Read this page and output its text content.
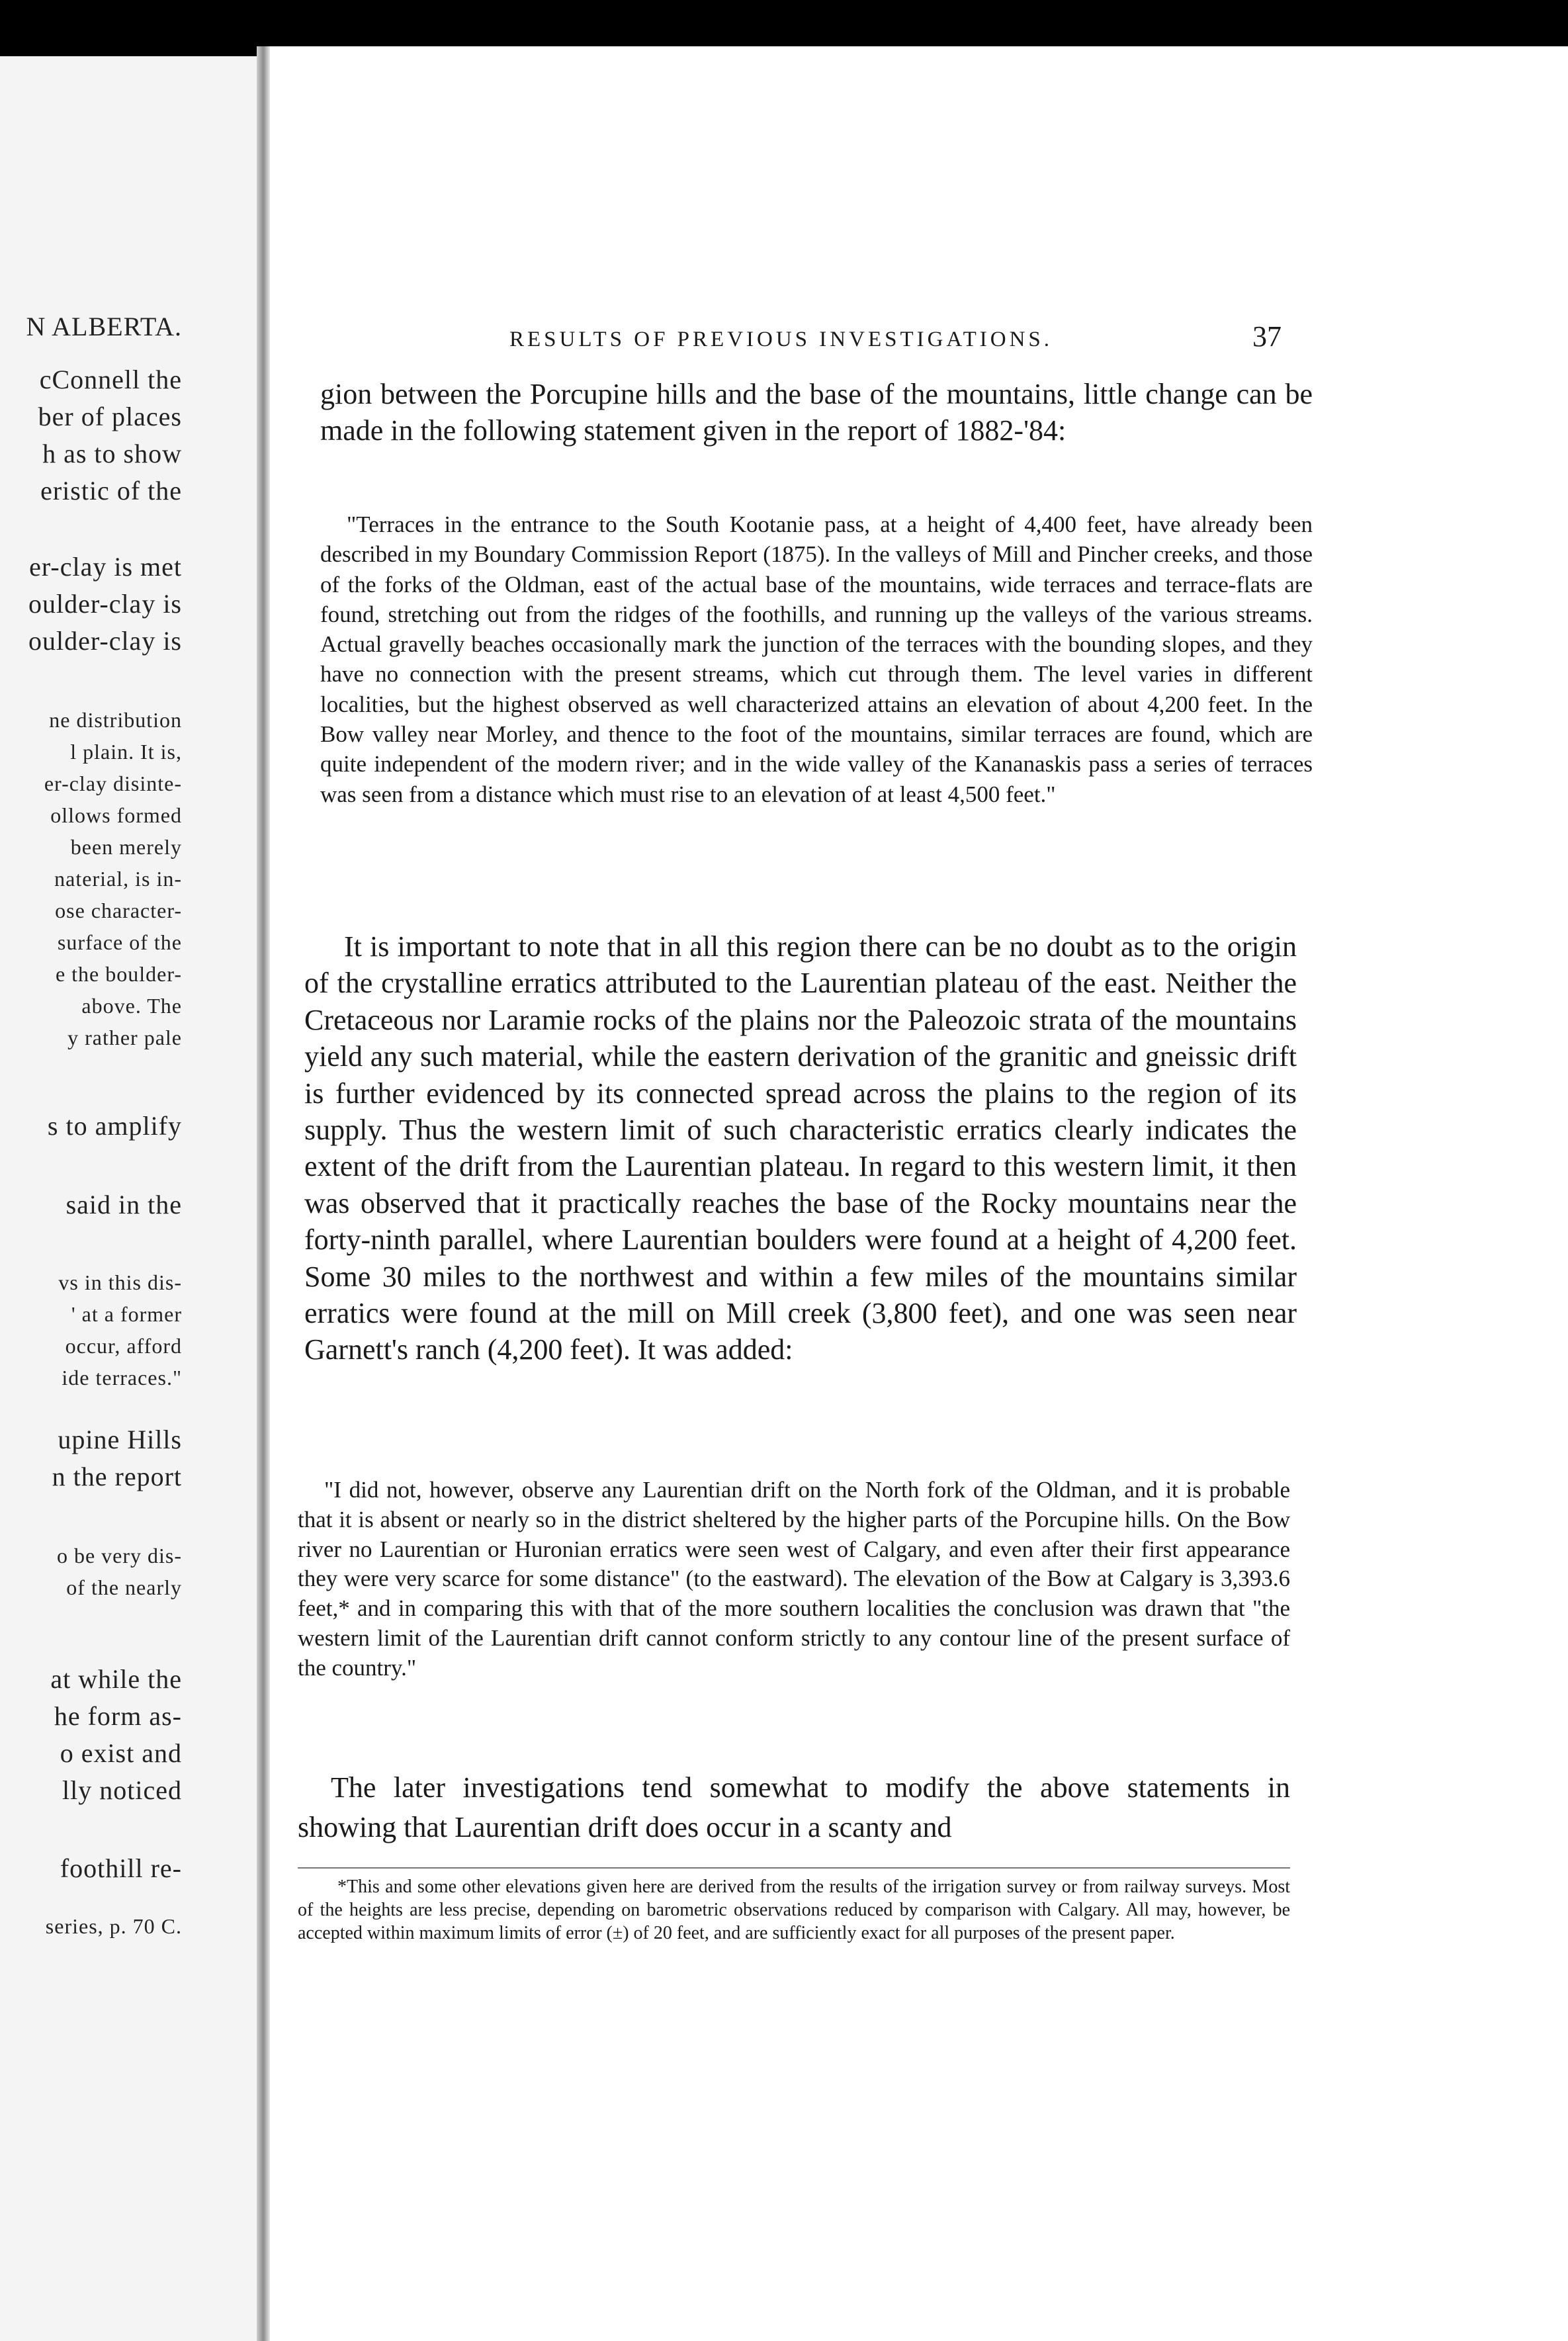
N ALBERTA.
cConnell the
ber of places
h as to show
eristic of the
er-clay is met
oulder-clay is
oulder-clay is
ne distribution
l plain. It is,
er-clay disinte-
ollows formed
been merely
naterial, is in-
ose character-
surface of the
e the boulder-
above. The
y rather pale
s to amplify
said in the
vs in this dis-
' at a former
occur, afford
ide terraces."
upine Hills
n the report
o be very dis-
of the nearly
at while the
he form as-
o exist and
lly noticed
foothill re-
series, p. 70 C.
RESULTS OF PREVIOUS INVESTIGATIONS.	37

gion between the Porcupine hills and the base of the mountains, little change can be made in the following statement given in the report of 1882-'84:

"Terraces in the entrance to the South Kootanie pass, at a height of 4,400 feet, have already been described in my Boundary Commission Report (1875). In the valleys of Mill and Pincher creeks, and those of the forks of the Oldman, east of the actual base of the mountains, wide terraces and terrace-flats are found, stretching out from the ridges of the foothills, and running up the valleys of the various streams. Actual gravelly beaches occasionally mark the junction of the terraces with the bounding slopes, and they have no connection with the present streams, which cut through them. The level varies in different localities, but the highest observed as well characterized attains an elevation of about 4,200 feet. In the Bow valley near Morley, and thence to the foot of the mountains, similar terraces are found, which are quite independent of the modern river; and in the wide valley of the Kananaskis pass a series of terraces was seen from a distance which must rise to an elevation of at least 4,500 feet."

It is important to note that in all this region there can be no doubt as to the origin of the crystalline erratics attributed to the Laurentian plateau of the east. Neither the Cretaceous nor Laramie rocks of the plains nor the Paleozoic strata of the mountains yield any such material, while the eastern derivation of the granitic and gneissic drift is further evidenced by its connected spread across the plains to the region of its supply. Thus the western limit of such characteristic erratics clearly indicates the extent of the drift from the Laurentian plateau. In regard to this western limit, it then was observed that it practically reaches the base of the Rocky mountains near the forty-ninth parallel, where Laurentian boulders were found at a height of 4,200 feet. Some 30 miles to the northwest and within a few miles of the mountains similar erratics were found at the mill on Mill creek (3,800 feet), and one was seen near Garnett's ranch (4,200 feet). It was added:

"I did not, however, observe any Laurentian drift on the North fork of the Oldman, and it is probable that it is absent or nearly so in the district sheltered by the higher parts of the Porcupine hills. On the Bow river no Laurentian or Huronian erratics were seen west of Calgary, and even after their first appearance they were very scarce for some distance" (to the eastward). The elevation of the Bow at Calgary is 3,393.6 feet,* and in comparing this with that of the more southern localities the conclusion was drawn that "the western limit of the Laurentian drift cannot conform strictly to any contour line of the present surface of the country."

The later investigations tend somewhat to modify the above statements in showing that Laurentian drift does occur in a scanty and

*This and some other elevations given here are derived from the results of the irrigation survey or from railway surveys. Most of the heights are less precise, depending on barometric observations reduced by comparison with Calgary. All may, however, be accepted within maximum limits of error (±) of 20 feet, and are sufficiently exact for all purposes of the present paper.
